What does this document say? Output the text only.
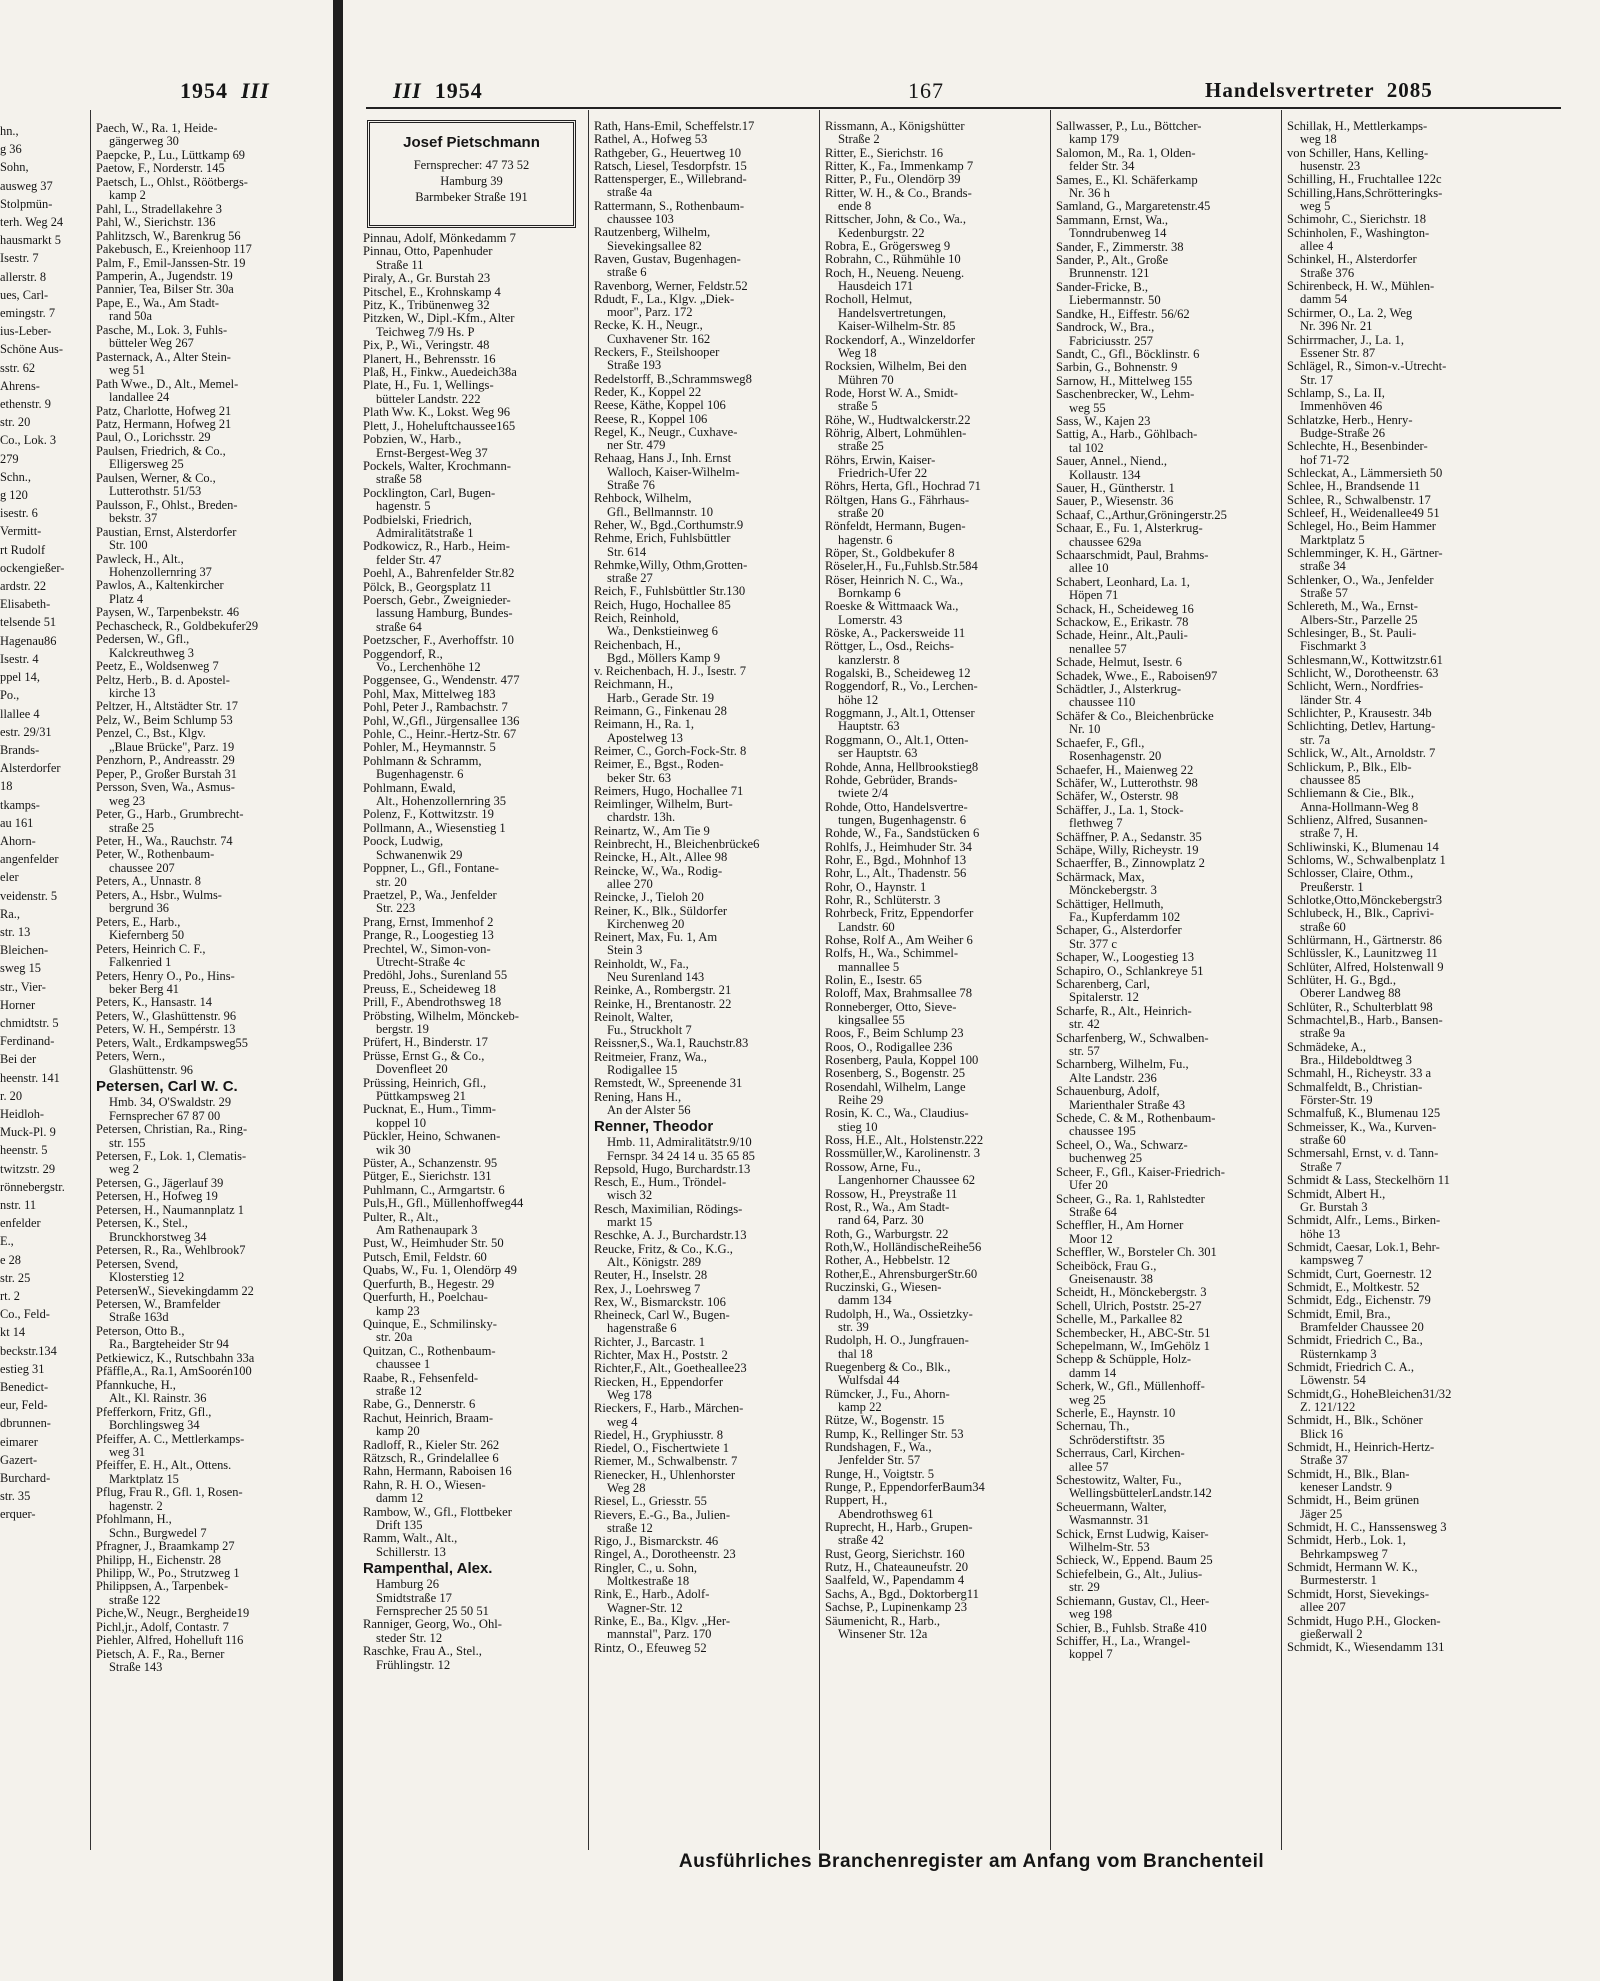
1954 III
hn.,
g 36
Sohn,
ausweg 37
Stolpmün-
terh. Weg 24
hausmarkt 5
Isestr. 7
allerstr. 8
ues, Carl-
emingstr. 7
ius-Leber-
Schöne Aus-
sstr. 62
Ahrens-
ethenstr. 9
str. 20
Co., Lok. 3
279
Schn.,
g 120
isestr. 6
Vermitt-
rt Rudolf
ockengießer-
ardstr. 22
Elisabeth-
telsende 51
Hagenau86
Isestr. 4
ppel 14,
Po.,
llallee 4
estr. 29/31
Brands-
Alsterdorfer
18
tkamps-
au 161
Ahorn-
angenfelder
eler
veidenstr. 5
Ra.,
str. 13
Bleichen-
sweg 15
str., Vier-
Horner
chmidtstr. 5
Ferdinand-
Bei der
heenstr. 141
r. 20
Heidloh-
Muck-Pl. 9
heenstr. 5
twitzstr. 29
rönnebergstr.
nstr. 11
enfelder
E.,
e 28
str. 25
rt. 2
Co., Feld-
kt 14
beckstr.134
estieg 31
Benedict-
eur, Feld-
dbrunnen-
eimarer
Gazert-
Burchard-
str. 35
erquer-
Paech, W., Ra. 1, Heide-
gängerweg 30
Paepcke, P., Lu., Lüttkamp 69
Paetow, F., Norderstr. 145
Paetsch, L., Ohlst., Röötbergs-
kamp 2
Pahl, L., Stradellakehre 3
Pahl, W., Sierichstr. 136
Pahlitzsch, W., Barenkrug 56
Pakebusch, E., Kreienhoop 117
Palm, F., Emil-Janssen-Str. 19
Pamperin, A., Jugendstr. 19
Pannier, Tea, Bilser Str. 30a
Pape, E., Wa., Am Stadt-
rand 50a
Pasche, M., Lok. 3, Fuhls-
bütteler Weg 267
Pasternack, A., Alter Stein-
weg 51
Path Wwe., D., Alt., Memel-
landallee 24
Patz, Charlotte, Hofweg 21
Patz, Hermann, Hofweg 21
Paul, O., Lorichsstr. 29
Paulsen, Friedrich, & Co.,
Elligersweg 25
Paulsen, Werner, & Co.,
Lutterothstr. 51/53
Paulsson, F., Ohlst., Breden-
bekstr. 37
Paustian, Ernst, Alsterdorfer
Str. 100
Pawleck, H., Alt.,
Hohenzollernring 37
Pawlos, A., Kaltenkircher
Platz 4
Paysen, W., Tarpenbekstr. 46
Pechascheck, R., Goldbekufer29
Pedersen, W., Gfl.,
Kalckreuthweg 3
Peetz, E., Woldsenweg 7
Peltz, Herb., B. d. Apostel-
kirche 13
Peltzer, H., Altstädter Str. 17
Pelz, W., Beim Schlump 53
Penzel, C., Bst., Klgv.
„Blaue Brücke", Parz. 19
Penzhorn, P., Andreasstr. 29
Peper, P., Großer Burstah 31
Persson, Sven, Wa., Asmus-
weg 23
Peter, G., Harb., Grumbrecht-
straße 25
Peter, H., Wa., Rauchstr. 74
Peter, W., Rothenbaum-
chaussee 207
Peters, A., Unnastr. 8
Peters, A., Hsbr., Wulms-
bergrund 36
Peters, E., Harb.,
Kiefernberg 50
Peters, Heinrich C. F.,
Falkenried 1
Peters, Henry O., Po., Hins-
beker Berg 41
Peters, K., Hansastr. 14
Peters, W., Glashüttenstr. 96
Peters, W. H., Sempérstr. 13
Peters, Walt., Erdkampsweg55
Peters, Wern.,
Glashüttenstr. 96
Petersen, Carl W. C.
Hmb. 34, O'Swaldstr. 29
Fernsprecher 67 87 00
Petersen, Christian, Ra., Ring-
str. 155
Petersen, F., Lok. 1, Clematis-
weg 2
Petersen, G., Jägerlauf 39
Petersen, H., Hofweg 19
Petersen, H., Naumannplatz 1
Petersen, K., Stel.,
Brunckhorstweg 34
Petersen, R., Ra., Wehlbrook7
Petersen, Svend,
Klosterstieg 12
PetersenW., Sievekingdamm 22
Petersen, W., Bramfelder
Straße 163d
Peterson, Otto B.,
Ra., Bargteheider Str 94
Petkiewicz, K., Rutschbahn 33a
Pfäffle,A., Ra.1, AmSoorén100
Pfannkuche, H.,
Alt., Kl. Rainstr. 36
Pfefferkorn, Fritz, Gfl.,
Borchlingsweg 34
Pfeiffer, A. C., Mettlerkamps-
weg 31
Pfeiffer, E. H., Alt., Ottens.
Marktplatz 15
Pflug, Frau R., Gfl. 1, Rosen-
hagenstr. 2
Pfohlmann, H.,
Schn., Burgwedel 7
Pfragner, J., Braamkamp 27
Philipp, H., Eichenstr. 28
Philipp, W., Po., Strutzweg 1
Philippsen, A., Tarpenbek-
straße 122
Piche,W., Neugr., Bergheide19
Pichl,jr., Adolf, Contastr. 7
Piehler, Alfred, Hohelluft 116
Pietsch, A. F., Ra., Berner
Straße 143
III 1954	167	Handelsvertreter 2085
Josef Pietschmann
Fernsprecher: 47 73 52
Hamburg 39
Barmbeker Straße 191
Pinnau, Adolf, Mönkedamm 7
Pinnau, Otto, Papenhuder
Straße 11
Piraly, A., Gr. Burstah 23
Pitschel, E., Krohnskamp 4
Pitz, K., Tribünenweg 32
Pitzken, W., Dipl.-Kfm., Alter
Teichweg 7/9 Hs. P
Pix, P., Wi., Veringstr. 48
Planert, H., Behrensstr. 16
Plaß, H., Finkw., Auedeich38a
Plate, H., Fu. 1, Wellings-
bütteler Landstr. 222
Plath Ww. K., Lokst. Weg 96
Plett, J., Hoheluftchaussee165
Pobzien, W., Harb.,
Ernst-Bergest-Weg 37
Pockels, Walter, Krochmann-
straße 58
Pocklington, Carl, Bugen-
hagenstr. 5
Podbielski, Friedrich,
Admiralitätstraße 1
Podkowicz, R., Harb., Heim-
felder Str. 47
Poehl, A., Bahrenfelder Str.82
Pölck, B., Georgsplatz 11
Poersch, Gebr., Zweignieder-
lassung Hamburg, Bundes-
straße 64
Poetzscher, F., Averhoffstr. 10
Poggendorf, R.,
Vo., Lerchenhöhe 12
Poggensee, G., Wendenstr. 477
Pohl, Max, Mittelweg 183
Pohl, Peter J., Rambachstr. 7
Pohl, W.,Gfl., Jürgensallee 136
Pohle, C., Heinr.-Hertz-Str. 67
Pohler, M., Heymannstr. 5
Pohlmann & Schramm,
Bugenhagenstr. 6
Pohlmann, Ewald,
Alt., Hohenzollernring 35
Polenz, F., Kottwitzstr. 19
Pollmann, A., Wiesenstieg 1
Poock, Ludwig,
Schwanenwik 29
Poppner, L., Gfl., Fontane-
str. 20
Praetzel, P., Wa., Jenfelder
Str. 223
Prang, Ernst, Immenhof 2
Prange, R., Loogestieg 13
Prechtel, W., Simon-von-
Utrecht-Straße 4c
Predöhl, Johs., Surenland 55
Preuss, E., Scheideweg 18
Prill, F., Abendrothsweg 18
Pröbsting, Wilhelm, Mönckeb-
bergstr. 19
Prüfert, H., Binderstr. 17
Prüsse, Ernst G., & Co.,
Dovenfleet 20
Prüssing, Heinrich, Gfl.,
Püttkampsweg 21
Pucknat, E., Hum., Timm-
koppel 10
Pückler, Heino, Schwanen-
wik 30
Püster, A., Schanzenstr. 95
Pütger, E., Sierichstr. 131
Puhlmann, C., Armgartstr. 6
Puls,H., Gfl., Müllenhoffweg44
Pulter, R., Alt.,
Am Rathenaupark 3
Pust, W., Heimhuder Str. 50
Putsch, Emil, Feldstr. 60
Quabs, W., Fu. 1, Olendörp 49
Querfurth, B., Hegestr. 29
Querfurth, H., Poelchau-
kamp 23
Quinque, E., Schmilinsky-
str. 20a
Quitzan, C., Rothenbaum-
chaussee 1
Raabe, R., Fehsenfeld-
straße 12
Rabe, G., Dennerstr. 6
Rachut, Heinrich, Braam-
kamp 20
Radloff, R., Kieler Str. 262
Rätzsch, R., Grindelallee 6
Rahn, Hermann, Raboisen 16
Rahn, R. H. O., Wiesen-
damm 12
Rambow, W., Gfl., Flottbeker
Drift 135
Ramm, Walt., Alt.,
Schillerstr. 13
Rampenthal, Alex.
Hamburg 26
Smidtstraße 17
Fernsprecher 25 50 51
Ranniger, Georg, Wo., Ohl-
steder Str. 12
Raschke, Frau A., Stel.,
Frühlingstr. 12
Rath, Hans-Emil, Scheffelstr.17
Rathel, A., Hofweg 53
Rathgeber, G., Heuertweg 10
Ratsch, Liesel, Tesdorpfstr. 15
Rattensperger, E., Willebrand-
straße 4a
Rattermann, S., Rothenbaum-
chaussee 103
Rautzenberg, Wilhelm,
Sievekingsallee 82
Raven, Gustav, Bugenhagen-
straße 6
Ravenborg, Werner, Feldstr.52
Rdudt, F., La., Klgv. „Diek-
moor", Parz. 172
Recke, K. H., Neugr.,
Cuxhavener Str. 162
Reckers, F., Steilshooper
Straße 193
Redelstorff, B.,Schrammsweg8
Reder, K., Koppel 22
Reese, Käthe, Koppel 106
Reese, R., Koppel 106
Regel, K., Neugr., Cuxhave-
ner Str. 479
Rehaag, Hans J., Inh. Ernst
Walloch, Kaiser-Wilhelm-
Straße 76
Rehbock, Wilhelm,
Gfl., Bellmannstr. 10
Reher, W., Bgd.,Corthumstr.9
Rehme, Erich, Fuhlsbüttler
Str. 614
Rehmke,Willy, Othm,Grotten-
straße 27
Reich, F., Fuhlsbüttler Str.130
Reich, Hugo, Hochallee 85
Reich, Reinhold,
Wa., Denkstieinweg 6
Reichenbach, H.,
Bgd., Möllers Kamp 9
v. Reichenbach, H. J., Isestr. 7
Reichmann, H.,
Harb., Gerade Str. 19
Reimann, G., Finkenau 28
Reimann, H., Ra. 1,
Apostelweg 13
Reimer, C., Gorch-Fock-Str. 8
Reimer, E., Bgst., Roden-
beker Str. 63
Reimers, Hugo, Hochallee 71
Reimlinger, Wilhelm, Burt-
chardstr. 13h.
Reinartz, W., Am Tie 9
Reinbrecht, H., Bleichenbrücke6
Reincke, H., Alt., Allee 98
Reincke, W., Wa., Rodig-
allee 270
Reincke, J., Tieloh 20
Reiner, K., Blk., Süldorfer
Kirchenweg 20
Reinert, Max, Fu. 1, Am
Stein 3
Reinholdt, W., Fa.,
Neu Surenland 143
Reinke, A., Rombergstr. 21
Reinke, H., Brentanostr. 22
Reinolt, Walter,
Fu., Struckholt 7
Reissner,S., Wa.1, Rauchstr.83
Reitmeier, Franz, Wa.,
Rodigallee 15
Remstedt, W., Spreenende 31
Rening, Hans H.,
An der Alster 56
Renner, Theodor
Hmb. 11, Admiralitätstr.9/10
Fernspr. 34 24 14 u. 35 65 85
Repsold, Hugo, Burchardstr.13
Resch, E., Hum., Tröndel-
wisch 32
Resch, Maximilian, Rödings-
markt 15
Reschke, A. J., Burchardstr.13
Reucke, Fritz, & Co., K.G.,
Alt., Königstr. 289
Reuter, H., Inselstr. 28
Rex, J., Loehrsweg 7
Rex, W., Bismarckstr. 106
Rheineck, Carl W., Bugen-
hagenstraße 6
Richter, J., Barcastr. 1
Richter, Max H., Poststr. 2
Richter,F., Alt., Goetheallee23
Riecken, H., Eppendorfer
Weg 178
Rieckers, F., Harb., Märchen-
weg 4
Riedel, H., Gryphiusstr. 8
Riedel, O., Fischertwiete 1
Riemer, M., Schwalbenstr. 7
Rienecker, H., Uhlenhorster
Weg 28
Riesel, L., Griesstr. 55
Rievers, E.-G., Ba., Julien-
straße 12
Rigo, J., Bismarckstr. 46
Ringel, A., Dorotheenstr. 23
Ringler, C., u. Sohn,
Moltkestraße 18
Rink, E., Harb., Adolf-
Wagner-Str. 12
Rinke, E., Ba., Klgv. „Her-
mannstal", Parz. 170
Rintz, O., Efeuweg 52
Rissmann, A., Königshütter
Straße 2
Ritter, E., Sierichstr. 16
Ritter, K., Fa., Immenkamp 7
Ritter, P., Fu., Olendörp 39
Ritter, W. H., & Co., Brands-
ende 8
Rittscher, John, & Co., Wa.,
Kedenburgstr. 22
Robra, E., Grögersweg 9
Robrahn, C., Rühmühle 10
Roch, H., Neueng. Neueng.
Hausdeich 171
Rocholl, Helmut,
Handelsvertretungen,
Kaiser-Wilhelm-Str. 85
Rockendorf, A., Winzeldorfer
Weg 18
Rocksien, Wilhelm, Bei den
Mühren 70
Rode, Horst W. A., Smidt-
straße 5
Röhe, W., Hudtwalckerstr.22
Röhrig, Albert, Lohmühlen-
straße 25
Röhrs, Erwin, Kaiser-
Friedrich-Ufer 22
Röhrs, Herta, Gfl., Hochrad 71
Röltgen, Hans G., Fährhaus-
straße 20
Rönfeldt, Hermann, Bugen-
hagenstr. 6
Röper, St., Goldbekufer 8
Röseler,H., Fu.,Fuhlsb.Str.584
Röser, Heinrich N. C., Wa.,
Bornkamp 6
Roeske & Wittmaack Wa.,
Lomerstr. 43
Röske, A., Packersweide 11
Röttger, L., Osd., Reichs-
kanzlerstr. 8
Rogalski, B., Scheideweg 12
Roggendorf, R., Vo., Lerchen-
höhe 12
Roggmann, J., Alt.1, Ottenser
Hauptstr. 63
Roggmann, O., Alt.1, Otten-
ser Hauptstr. 63
Rohde, Anna, Hellbrookstieg8
Rohde, Gebrüder, Brands-
twiete 2/4
Rohde, Otto, Handelsvertre-
tungen, Bugenhagenstr. 6
Rohde, W., Fa., Sandstücken 6
Rohlfs, J., Heimhuder Str. 34
Rohr, E., Bgd., Mohnhof 13
Rohr, L., Alt., Thadenstr. 56
Rohr, O., Haynstr. 1
Rohr, R., Schlüterstr. 3
Rohrbeck, Fritz, Eppendorfer
Landstr. 60
Rohse, Rolf A., Am Weiher 6
Rolfs, H., Wa., Schimmel-
mannallee 5
Rolin, E., Isestr. 65
Roloff, Max, Brahmsallee 78
Ronneberger, Otto, Sieve-
kingsallee 55
Roos, F., Beim Schlump 23
Roos, O., Rodigallee 236
Rosenberg, Paula, Koppel 100
Rosenberg, S., Bogenstr. 25
Rosendahl, Wilhelm, Lange
Reihe 29
Rosin, K. C., Wa., Claudius-
stieg 10
Ross, H.E., Alt., Holstenstr.222
Rossmüller,W., Karolinenstr. 3
Rossow, Arne, Fu.,
Langenhorner Chaussee 62
Rossow, H., Preystraße 11
Rost, R., Wa., Am Stadt-
rand 64, Parz. 30
Roth, G., Warburgstr. 22
Roth,W., HolländischeReihe56
Rother, A., Hebbelstr. 12
Rother,E., AhrensburgerStr.60
Ruczinski, G., Wiesen-
damm 134
Rudolph, H., Wa., Ossietzky-
str. 39
Rudolph, H. O., Jungfrauen-
thal 18
Ruegenberg & Co., Blk.,
Wulfsdal 44
Rümcker, J., Fu., Ahorn-
kamp 22
Rütze, W., Bogenstr. 15
Rump, K., Rellinger Str. 53
Rundshagen, F., Wa.,
Jenfelder Str. 57
Runge, H., Voigtstr. 5
Runge, P., EppendorferBaum34
Ruppert, H.,
Abendrothsweg 61
Ruprecht, H., Harb., Grupen-
straße 42
Rust, Georg, Sierichstr. 160
Rutz, H., Chateauneufstr. 20
Saalfeld, W., Papendamm 4
Sachs, A., Bgd., Doktorberg11
Sachse, P., Lupinenkamp 23
Säumenicht, R., Harb.,
Winsener Str. 12a
Sallwasser, P., Lu., Böttcher-
kamp 179
Salomon, M., Ra. 1, Olden-
felder Str. 34
Sames, E., Kl. Schäferkamp
Nr. 36 h
Samland, G., Margaretenstr.45
Sammann, Ernst, Wa.,
Tonndrubenweg 14
Sander, F., Zimmerstr. 38
Sander, P., Alt., Große
Brunnenstr. 121
Sander-Fricke, B.,
Liebermannstr. 50
Sandke, H., Eiffestr. 56/62
Sandrock, W., Bra.,
Fabriciusstr. 257
Sandt, C., Gfl., Böcklinstr. 6
Sarbin, G., Bohnenstr. 9
Sarnow, H., Mittelweg 155
Saschenbrecker, W., Lehm-
weg 55
Sass, W., Kajen 23
Sattig, A., Harb., Göhlbach-
tal 102
Sauer, Annel., Niend.,
Kollaustr. 134
Sauer, H., Güntherstr. 1
Sauer, P., Wiesenstr. 36
Schaaf, C.,Arthur,Gröningerstr.25
Schaar, E., Fu. 1, Alsterkrug-
chaussee 629a
Schaarschmidt, Paul, Brahms-
allee 10
Schabert, Leonhard, La. 1,
Höpen 71
Schack, H., Scheideweg 16
Schackow, E., Erikastr. 78
Schade, Heinr., Alt.,Pauli-
nenallee 57
Schade, Helmut, Isestr. 6
Schadek, Wwe., E., Raboisen97
Schädtler, J., Alsterkrug-
chaussee 110
Schäfer & Co., Bleichenbrücke
Nr. 10
Schaefer, F., Gfl.,
Rosenhagenstr. 20
Schaefer, H., Maienweg 22
Schäfer, W., Lutterothstr. 98
Schäfer, W., Osterstr. 98
Schäffer, J., La. 1, Stock-
flethweg 7
Schäffner, P. A., Sedanstr. 35
Schäpe, Willy, Richeystr. 19
Schaerffer, B., Zinnowplatz 2
Schärmack, Max,
Mönckebergstr. 3
Schättiger, Hellmuth,
Fa., Kupferdamm 102
Schaper, G., Alsterdorfer
Str. 377 c
Schaper, W., Loogestieg 13
Schapiro, O., Schlankreye 51
Scharenberg, Carl,
Spitalerstr. 12
Scharfe, R., Alt., Heinrich-
str. 42
Scharfenberg, W., Schwalben-
str. 57
Scharnberg, Wilhelm, Fu.,
Alte Landstr. 236
Schauenburg, Adolf,
Marienthaler Straße 43
Schede, C. & M., Rothenbaum-
chaussee 195
Scheel, O., Wa., Schwarz-
buchenweg 25
Scheer, F., Gfl., Kaiser-Friedrich-
Ufer 20
Scheer, G., Ra. 1, Rahlstedter
Straße 64
Scheffler, H., Am Horner
Moor 12
Scheffler, W., Borsteler Ch. 301
Scheiböck, Frau G.,
Gneisenaustr. 38
Scheidt, H., Mönckebergstr. 3
Schell, Ulrich, Poststr. 25-27
Schelle, M., Parkallee 82
Schembecker, H., ABC-Str. 51
Schepelmann, W., ImGehölz 1
Schepp & Schüpple, Holz-
damm 14
Scherk, W., Gfl., Müllenhoff-
weg 25
Scherle, E., Haynstr. 10
Schernau, Th.,
Schröderstiftstr. 35
Scherraus, Carl, Kirchen-
allee 57
Schestowitz, Walter, Fu.,
WellingsbüttelerLandstr.142
Scheuermann, Walter,
Wasmannstr. 31
Schick, Ernst Ludwig, Kaiser-
Wilhelm-Str. 53
Schieck, W., Eppend. Baum 25
Schiefelbein, G., Alt., Julius-
str. 29
Schiemann, Gustav, Cl., Heer-
weg 198
Schier, B., Fuhlsb. Straße 410
Schiffer, H., La., Wrangel-
koppel 7
Schillak, H., Mettlerkamps-
weg 18
von Schiller, Hans, Kelling-
husenstr. 23
Schilling, H., Fruchtallee 122c
Schilling,Hans,Schrötteringks-
weg 5
Schimohr, C., Sierichstr. 18
Schinholen, F., Washington-
allee 4
Schinkel, H., Alsterdorfer
Straße 376
Schirenbeck, H. W., Mühlen-
damm 54
Schirmer, O., La. 2, Weg
Nr. 396 Nr. 21
Schirrmacher, J., La. 1,
Essener Str. 87
Schlägel, R., Simon-v.-Utrecht-
Str. 17
Schlamp, S., La. II,
Immenhöven 46
Schlatzke, Herb., Henry-
Budge-Straße 26
Schlechte, H., Besenbinder-
hof 71-72
Schleckat, A., Lämmersieth 50
Schlee, H., Brandsende 11
Schlee, R., Schwalbenstr. 17
Schleef, H., Weidenallee49 51
Schlegel, Ho., Beim Hammer
Marktplatz 5
Schlemminger, K. H., Gärtner-
straße 34
Schlenker, O., Wa., Jenfelder
Straße 57
Schlereth, M., Wa., Ernst-
Albers-Str., Parzelle 25
Schlesinger, B., St. Pauli-
Fischmarkt 3
Schlesmann,W., Kottwitzstr.61
Schlicht, W., Dorotheenstr. 63
Schlicht, Wern., Nordfries-
länder Str. 4
Schlichter, P., Krausestr. 34b
Schlichting, Detlev, Hartung-
str. 7a
Schlick, W., Alt., Arnoldstr. 7
Schlickum, P., Blk., Elb-
chaussee 85
Schliemann & Cie., Blk.,
Anna-Hollmann-Weg 8
Schlienz, Alfred, Susannen-
straße 7, H.
Schliwinski, K., Blumenau 14
Schloms, W., Schwalbenplatz 1
Schlosser, Claire, Othm.,
Preußerstr. 1
Schlotke,Otto,Mönckebergstr3
Schlubeck, H., Blk., Caprivi-
straße 60
Schlürmann, H., Gärtnerstr. 86
Schlüssler, K., Launitzweg 11
Schlüter, Alfred, Holstenwall 9
Schlüter, H. G., Bgd.,
Oberer Landweg 88
Schlüter, R., Schulterblatt 98
Schmachtel,B., Harb., Bansen-
straße 9a
Schmädeke, A.,
Bra., Hildeboldtweg 3
Schmahl, H., Richeystr. 33 a
Schmalfeldt, B., Christian-
Förster-Str. 19
Schmalfuß, K., Blumenau 125
Schmeisser, K., Wa., Kurven-
straße 60
Schmersahl, Ernst, v. d. Tann-
Straße 7
Schmidt & Lass, Steckelhörn 11
Schmidt, Albert H.,
Gr. Burstah 3
Schmidt, Alfr., Lems., Birken-
höhe 13
Schmidt, Caesar, Lok.1, Behr-
kampsweg 7
Schmidt, Curt, Goernestr. 12
Schmidt, E., Moltkestr. 52
Schmidt, Edg., Eichenstr. 79
Schmidt, Emil, Bra.,
Bramfelder Chaussee 20
Schmidt, Friedrich C., Ba.,
Rüsternkamp 3
Schmidt, Friedrich C. A.,
Löwenstr. 54
Schmidt,G., HoheBleichen31/32
Z. 121/122
Schmidt, H., Blk., Schöner
Blick 16
Schmidt, H., Heinrich-Hertz-
Straße 37
Schmidt, H., Blk., Blan-
keneser Landstr. 9
Schmidt, H., Beim grünen
Jäger 25
Schmidt, H. C., Hanssensweg 3
Schmidt, Herb., Lok. 1,
Behrkampsweg 7
Schmidt, Hermann W. K.,
Burmesterstr. 1
Schmidt, Horst, Sievekings-
allee 207
Schmidt, Hugo P.H., Glocken-
gießerwall 2
Schmidt, K., Wiesendamm 131
Ausführliches Branchenregister am Anfang vom Branchenteil
